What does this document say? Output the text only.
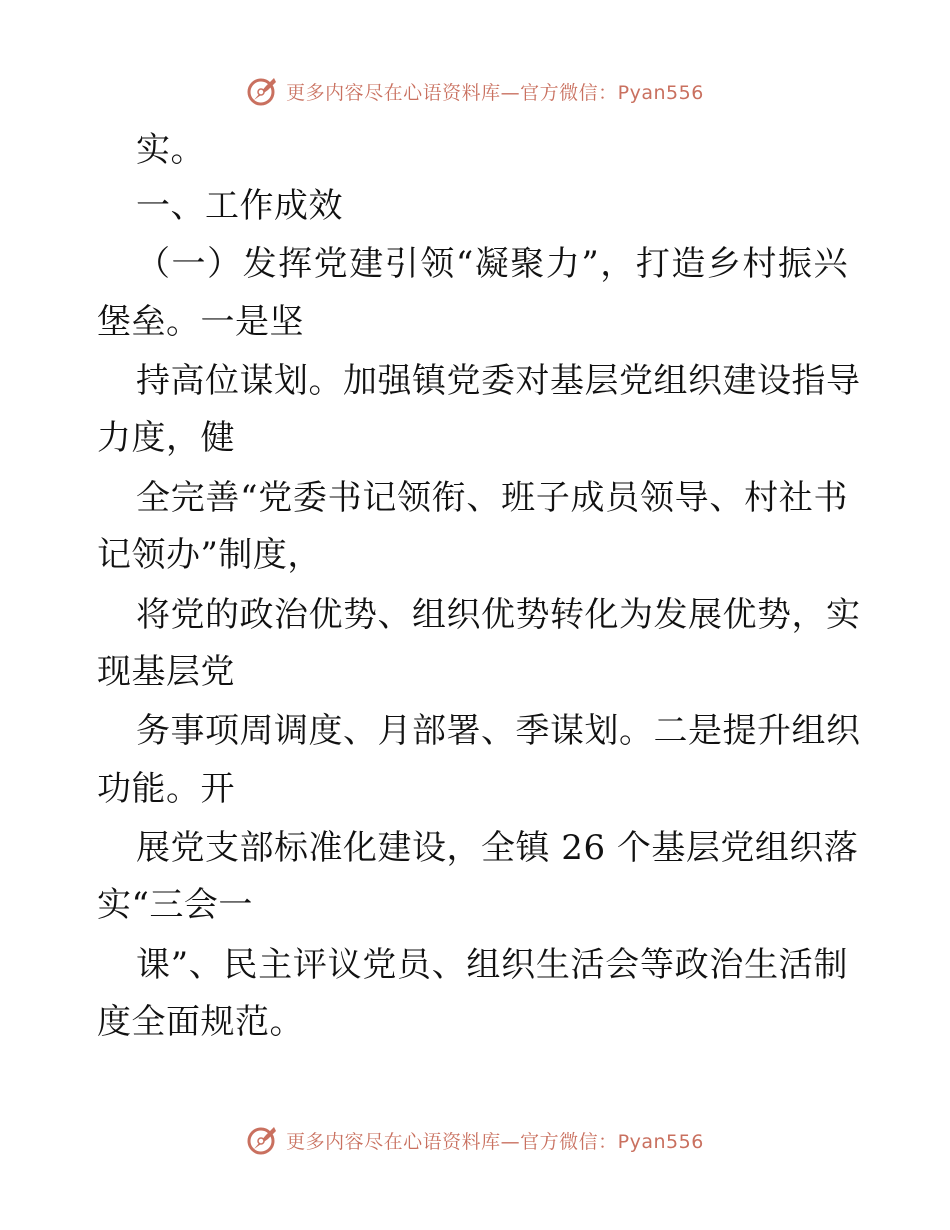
更多内容尽在心语资料库—官方微信：Pyan556
实。
一、工作成效
（一）发挥党建引领“凝聚力”，打造乡村振兴
堡垒。一是坚
持高位谋划。加强镇党委对基层党组织建设指导
力度，健
全完善“党委书记领衔、班子成员领导、村社书
记领办”制度，
将党的政治优势、组织优势转化为发展优势，实
现基层党
务事项周调度、月部署、季谋划。二是提升组织
功能。开
展党支部标准化建设，全镇 26 个基层党组织落
实“三会一
课”、民主评议党员、组织生活会等政治生活制
度全面规范。
更多内容尽在心语资料库—官方微信：Pyan556
